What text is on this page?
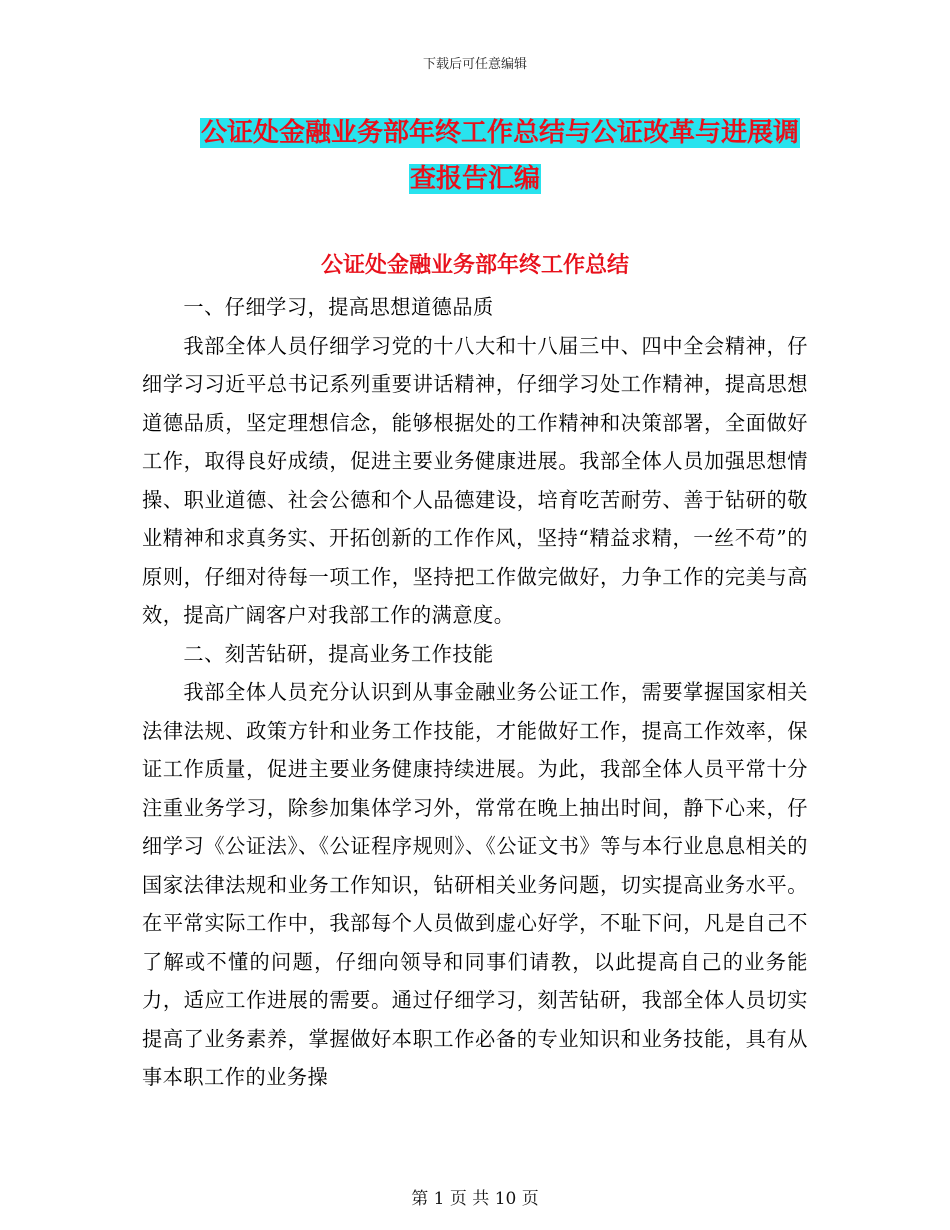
下载后可任意编辑
公证处金融业务部年终工作总结与公证改革与进展调
查报告汇编
公证处金融业务部年终工作总结

一、仔细学习，提高思想道德品质

我部全体人员仔细学习党的十八大和十八届三中、四中全会精神，仔细学习习近平总书记系列重要讲话精神，仔细学习处工作精神，提高思想道德品质，坚定理想信念，能够根据处的工作精神和决策部署，全面做好工作，取得良好成绩，促进主要业务健康进展。我部全体人员加强思想情操、职业道德、社会公德和个人品德建设，培育吃苦耐劳、善于钻研的敬业精神和求真务实、开拓创新的工作作风，坚持“精益求精，一丝不苟”的原则，仔细对待每一项工作，坚持把工作做完做好，力争工作的完美与高效，提高广阔客户对我部工作的满意度。

二、刻苦钻研，提高业务工作技能

我部全体人员充分认识到从事金融业务公证工作，需要掌握国家相关法律法规、政策方针和业务工作技能，才能做好工作，提高工作效率，保证工作质量，促进主要业务健康持续进展。为此，我部全体人员平常十分注重业务学习，除参加集体学习外，常常在晚上抽出时间，静下心来，仔细学习《公证法》、《公证程序规则》、《公证文书》等与本行业息息相关的国家法律法规和业务工作知识，钻研相关业务问题，切实提高业务水平。在平常实际工作中，我部每个人员做到虚心好学，不耻下问，凡是自己不了解或不懂的问题，仔细向领导和同事们请教，以此提高自己的业务能力，适应工作进展的需要。通过仔细学习，刻苦钻研，我部全体人员切实提高了业务素养，掌握做好本职工作必备的专业知识和业务技能，具有从事本职工作的业务操

第 1 页 共 10 页
